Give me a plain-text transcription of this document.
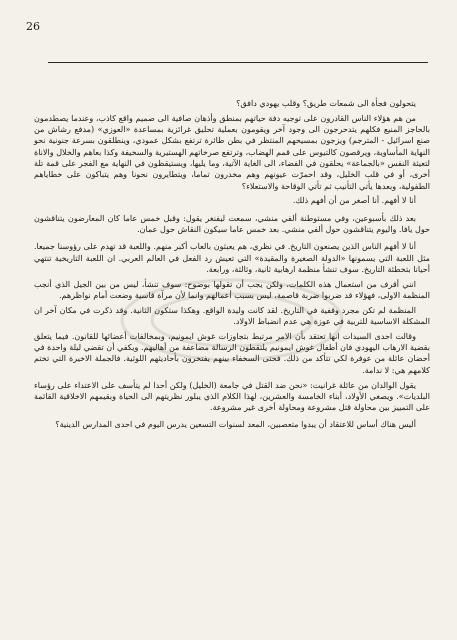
26

يتحولون فجأة الى شمعات طريق؟ وقلب يهودي دافق؟

من هم هؤلاء الناس القادرون على توجيه دفة حياتهم بمنطق وأذهان صافية الى صميم واقع كاذب، وعندما يصطدمون بالحاجز المنيع فكلهم يتدحرجون الى وجود آخر ويقومون بعملية تحليق غرائزية بمساعدة «العوزي» (مدفع رشاش من صنع اسرائيل - المترجم) ويزجون بمسيحهم المنتظر في بطن طائرة ترتفع بشكل عمودي، وينطلقون بسرعة جنونية نحو النهاية المأساوية، ويرقصون كالتيوس على قمم الهضاب، وترتفع صرخاتهم الهستيرية والسخيفة وكذا بعاهم والخلال والاناة لتعيثة النفس «بالجماعة» يحلقون في الفضاء، الى الغاية الآتية، وما يليها، ويستيقظون في النهاية مع الفجر على قمة تلة أخرى، أو في قلب الخليل، وقد احمرّت عيونهم وهم مخدرون تماما، ويتطايرون نحونا وهم يتباكون على خطاياهم الطفولية، وبعدها يأتي التأنيب ثم تأتي الوقاحة والاستعلاء؟

أنا لا أفهم. أنا أصغر من أن أفهم ذلك.

بعد ذلك بأسبوعين، وفي مستوطنة ألفي منشي، سمعت ليفنغر يقول: وقبل خمس عاما كان المعارضون يتناقشون حول يافا. واليوم يتناقشون حول ألفي منشي. بعد خمس عاما سيكون النقاش حول عمان.

أنا لا أفهم الناس الذين يصنعون التاريخ. في نظري، هم يعبثون بالعاب أكبر منهم. واللعبة قد تهدم على رؤوسنا جميعا. مثل اللعبة التي يسمونها «الدولة الصغيرة والمقيدة» التي تعيش رد الفعل في العالم العربي. ان اللعبة التاريخية تنتهي أحيانا بتخطئة التاريخ. سوف تنشأ منظمة ارهابية ثانية، وثالثة، ورابعة.

انني أقرف من استعمال هذه الكلمات، ولكن يجب أن تقولها بوضوح: سوف تنشأ، ليس من بين الجيل الذي أنجب المنظمة الاولى، فهؤلاء قد ضربوا ضربة قاصمة، ليس بسبب أعمالهم وانما لأن مرآة قاسية وضعت أمام نواظرهم.

المنظمة لم تكن مجرد وقفية في التاريخ. لقد كانت وليدة الواقع. وهكذا ستكون الثانية. وقد ذكرت في مكان آخر ان المشكلة الاساسية للتربية في عوزة هي عدم انضباط الاولاد.

وقالت احدى السيدات انها تعتقد بأن الامر مرتبط بتجاوزات غوش ايمونيم، وبمخالفات أعضائها للقانون. فيما يتعلق بقضية الارهاب اليهودي فان أطفال غوش ايمونيم يلتقطون الرسالة مضاعفة من أهاليهم. ويكفي أن تقضي ليلة واحدة في أحضان عائلة من عوفرة لكي تتأكد من ذلك. فحتى السخفاء بينهم يفتخرون بأحاديثهم اللوثية. فالجملة الاخيرة التي تختم كلامهم هي: لا ندامة.

يقول الوالدان من عائلة غرانيت: «نحن ضد القتل في جامعة (الخليل) ولكن أحدا لم يتأسف على الاعتداء على رؤساء البلديات». ويصغي الأولاد، أبناء الخامسة والعشرين، لهذا الكلام الذي يبلور نظريتهم الى الحياة وبقيمهم الاخلاقية القائمة على التمييز بين محاولة قتل مشروعة ومحاولة أخرى غير مشروعة.

أليس هناك أساس للاعتقاد أن يبدوا متعصبين، المعد لسنوات التسعين يدرس اليوم في احدى المدارس الدينية؟
